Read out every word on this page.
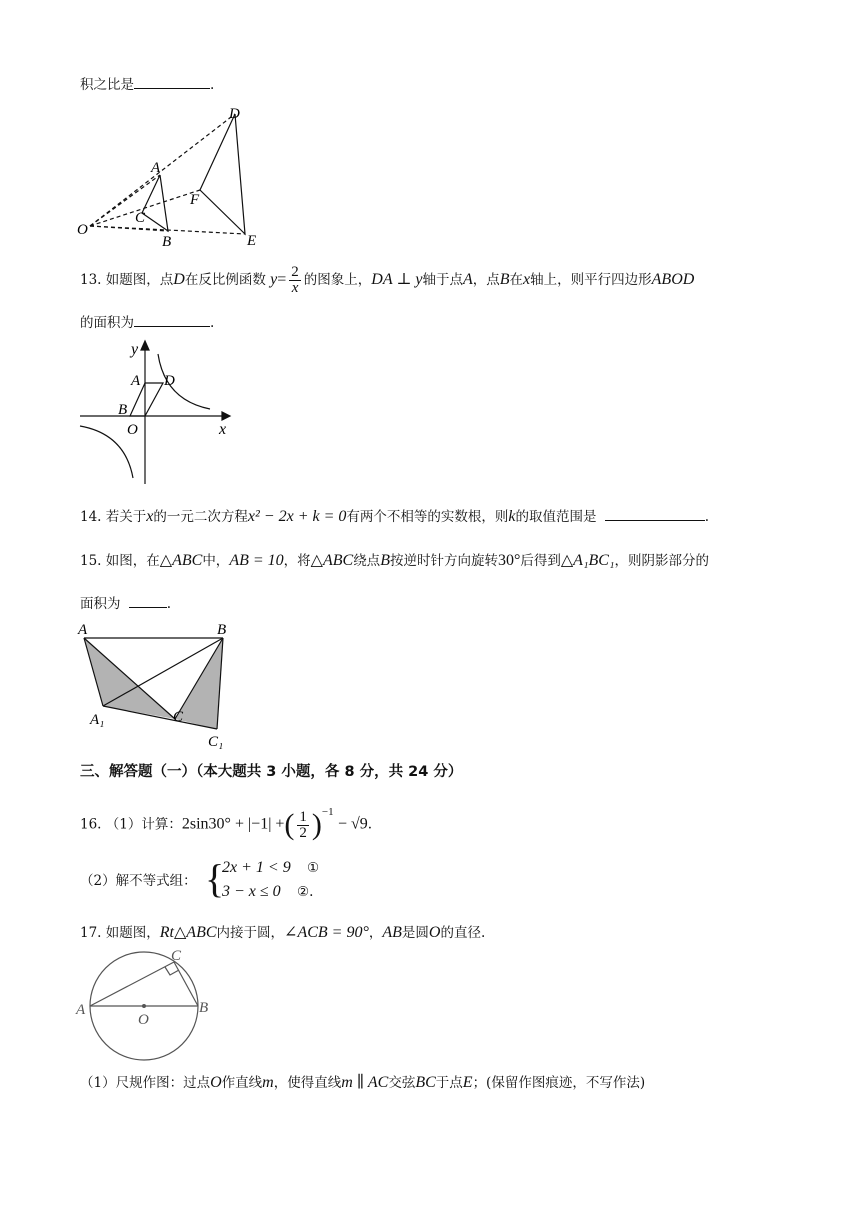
积之比是	.
O
A
B
C
D
E
F
13. 如题图，点D在反比例函数 $y= \frac{2}{x}$ 的图象上，DA ⊥ y轴于点A，点B在x轴上，则平行四边形ABOD
的面积为	.
y
x
A D
B
O
14. 若关于x的一元二次方程x² − 2x + k = 0有两个不相等的实数根，则k的取值范围是	.
15. 如图，在△ABC中，AB = 10，将△ABC绕点B按逆时针方向旋转30°后得到△A₁BC₁，则阴影部分的
面积为	.
A	B
A₁	C
C₁
三、解答题（一）（本大题共 3 小题，各 8 分，共 24 分）
16. （1）计算：2sin30° + |−1| +( $\frac{1}{2} )^{-1} - √9$.
（2）解不等式组： {
2x + 1 < 9 ①
3 − x ≤ 0 ②.
17. 如题图，Rt△ABC内接于圆，∠ACB = 90°，AB是圆O的直径.
A	B
C
O
（1）尺规作图：过点O作直线m，使得直线m ∥ AC交弦BC于点E；(保留作图痕迹，不写作法)
